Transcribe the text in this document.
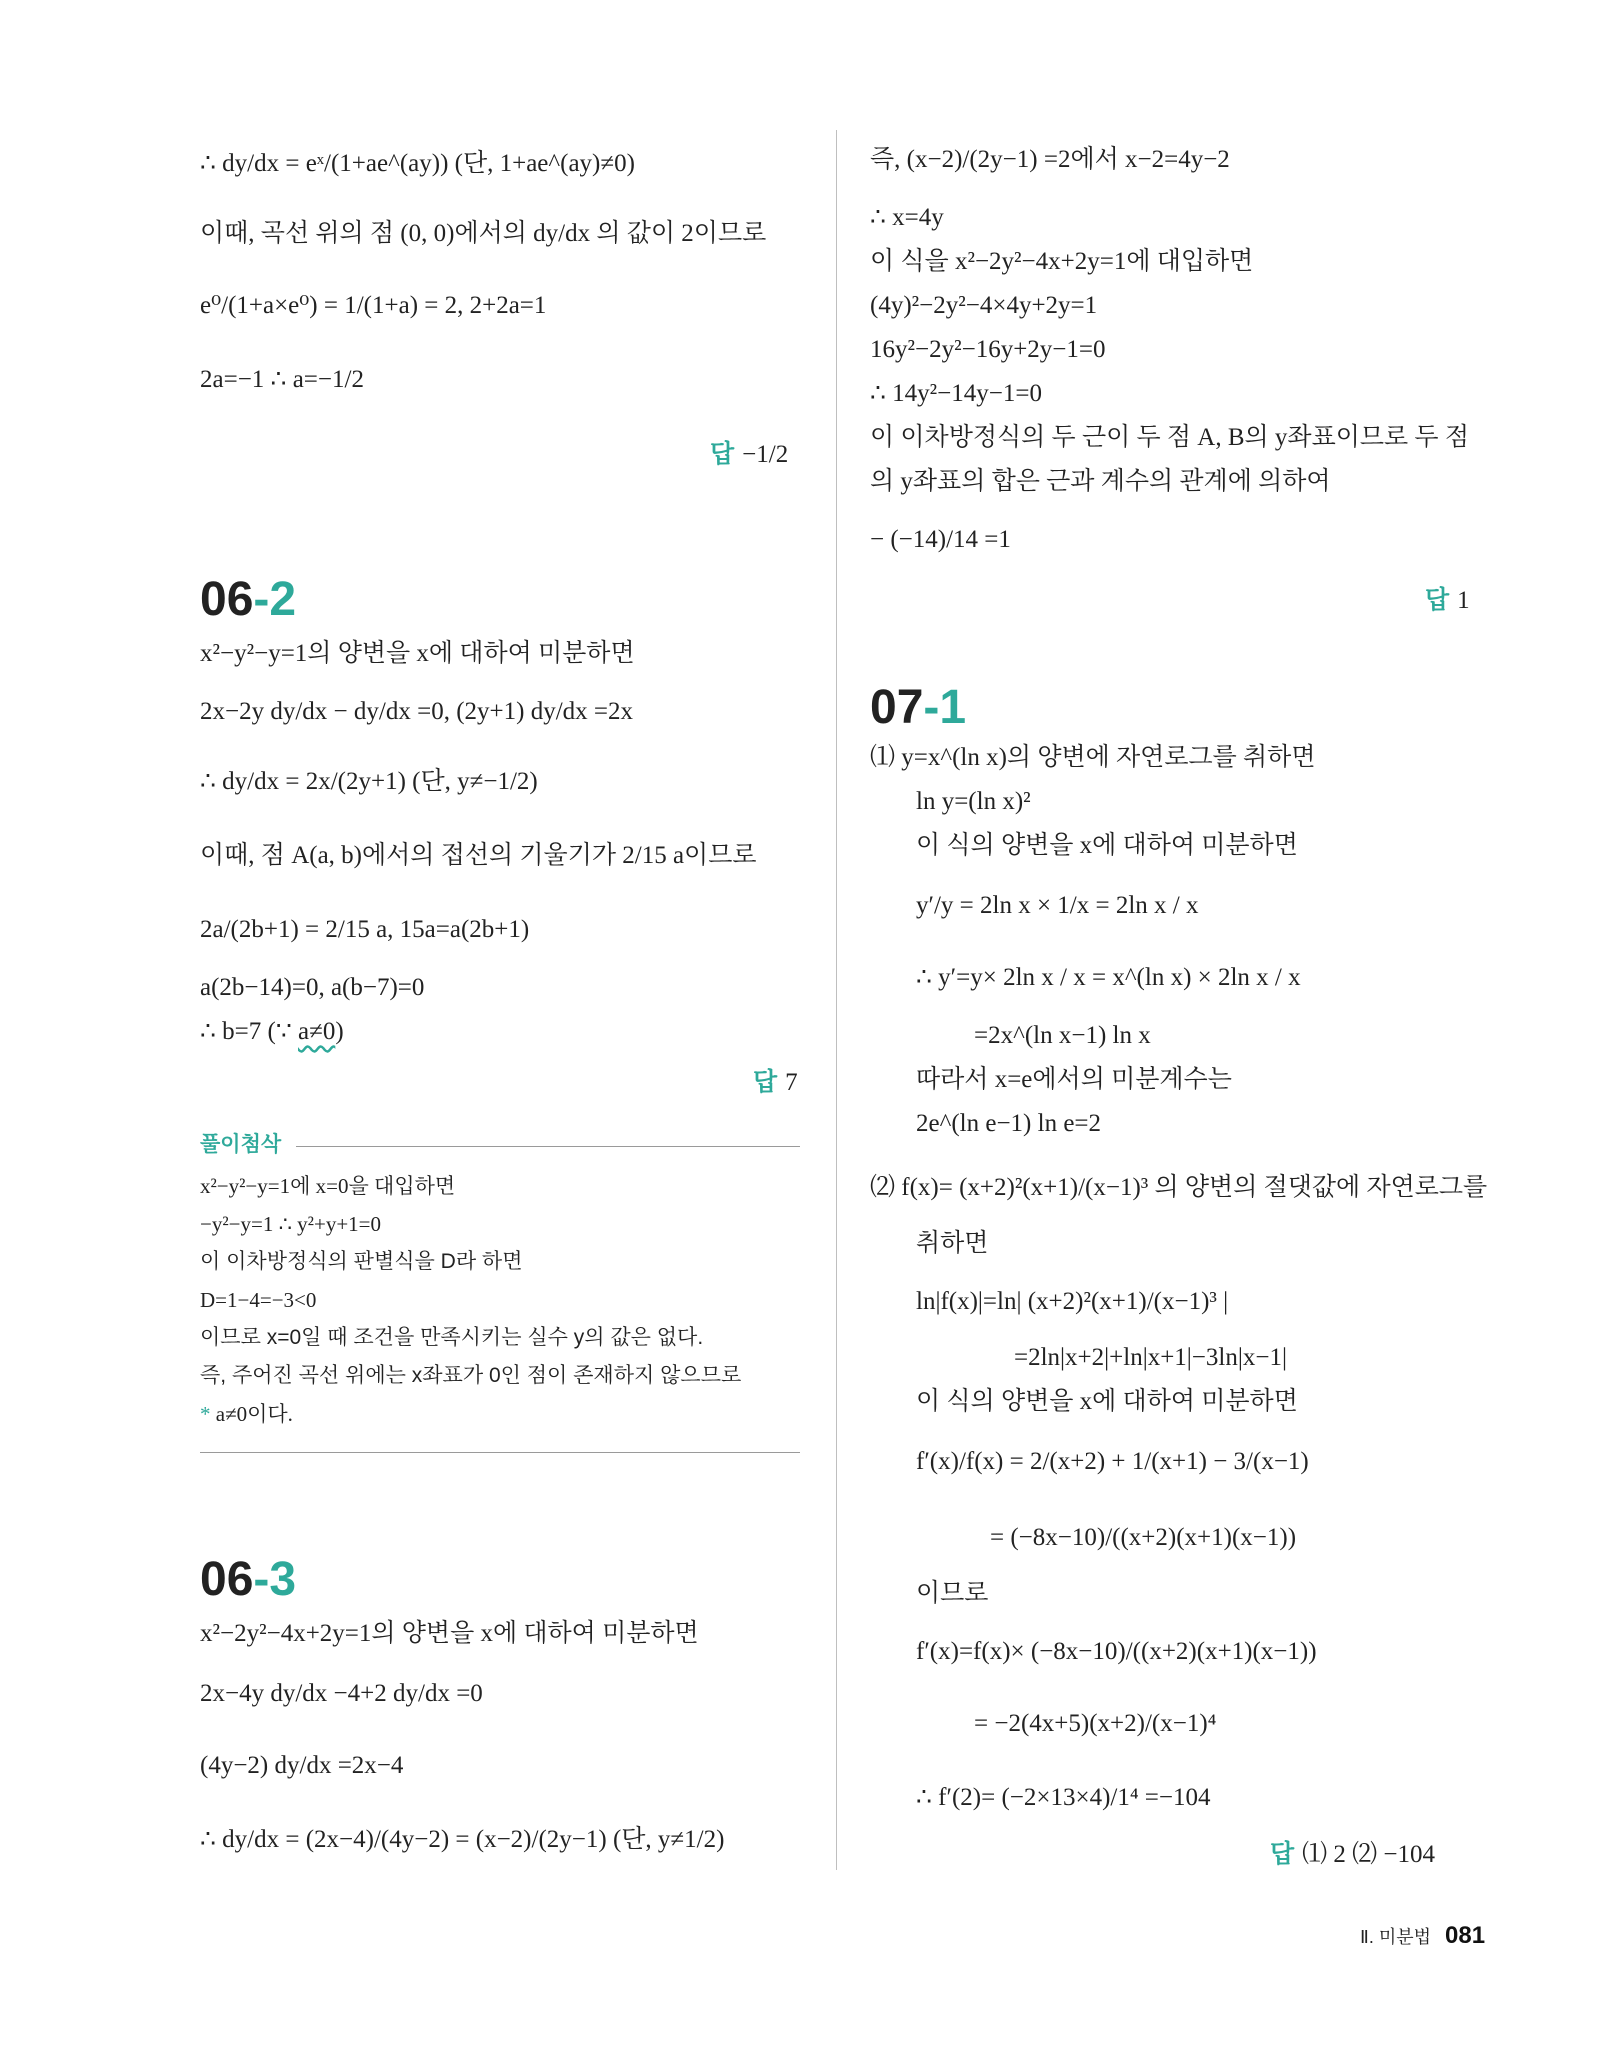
∴ dy/dx = eˣ/(1+ae^(ay)) (단, 1+ae^(ay)≠0)
이때, 곡선 위의 점 (0, 0)에서의 dy/dx 의 값이 2이므로
e⁰/(1+a×e⁰) = 1/(1+a) = 2, 2+2a=1
2a=−1 ∴ a=−1/2
답 −1/2
06-2
x²−y²−y=1의 양변을 x에 대하여 미분하면
2x−2y dy/dx − dy/dx =0, (2y+1) dy/dx =2x
∴ dy/dx = 2x/(2y+1) (단, y≠−1/2)
이때, 점 A(a, b)에서의 접선의 기울기가 2/15 a이므로
2a/(2b+1) = 2/15 a, 15a=a(2b+1)
a(2b−14)=0, a(b−7)=0
∴ b=7 (∵ a≠0)
답 7
풀이첨삭
x²−y²−y=1에 x=0을 대입하면
−y²−y=1 ∴ y²+y+1=0
이 이차방정식의 판별식을 D라 하면
D=1−4=−3<0
이므로 x=0일 때 조건을 만족시키는 실수 y의 값은 없다.
즉, 주어진 곡선 위에는 x좌표가 0인 점이 존재하지 않으므로
* a≠0이다.
06-3
x²−2y²−4x+2y=1의 양변을 x에 대하여 미분하면
2x−4y dy/dx −4+2 dy/dx =0
(4y−2) dy/dx =2x−4
∴ dy/dx = (2x−4)/(4y−2) = (x−2)/(2y−1) (단, y≠1/2)
즉, (x−2)/(2y−1) =2에서 x−2=4y−2
∴ x=4y
이 식을 x²−2y²−4x+2y=1에 대입하면
(4y)²−2y²−4×4y+2y=1
16y²−2y²−16y+2y−1=0
∴ 14y²−14y−1=0
이 이차방정식의 두 근이 두 점 A, B의 y좌표이므로 두 점
의 y좌표의 합은 근과 계수의 관계에 의하여
− (−14)/14 =1
답 1
07-1
⑴ y=x^(ln x)의 양변에 자연로그를 취하면
ln y=(ln x)²
이 식의 양변을 x에 대하여 미분하면
y′/y = 2ln x × 1/x = 2ln x / x
∴ y′=y× 2ln x / x = x^(ln x) × 2ln x / x
=2x^(ln x−1) ln x
따라서 x=e에서의 미분계수는
2e^(ln e−1) ln e=2
⑵ f(x)= (x+2)²(x+1)/(x−1)³ 의 양변의 절댓값에 자연로그를
취하면
ln|f(x)|=ln| (x+2)²(x+1)/(x−1)³ |
=2ln|x+2|+ln|x+1|−3ln|x−1|
이 식의 양변을 x에 대하여 미분하면
f′(x)/f(x) = 2/(x+2) + 1/(x+1) − 3/(x−1)
= (−8x−10)/((x+2)(x+1)(x−1))
이므로
f′(x)=f(x)× (−8x−10)/((x+2)(x+1)(x−1))
= −2(4x+5)(x+2)/(x−1)⁴
∴ f′(2)= (−2×13×4)/1⁴ =−104
답 ⑴ 2 ⑵ −104
Ⅱ. 미분법 081
